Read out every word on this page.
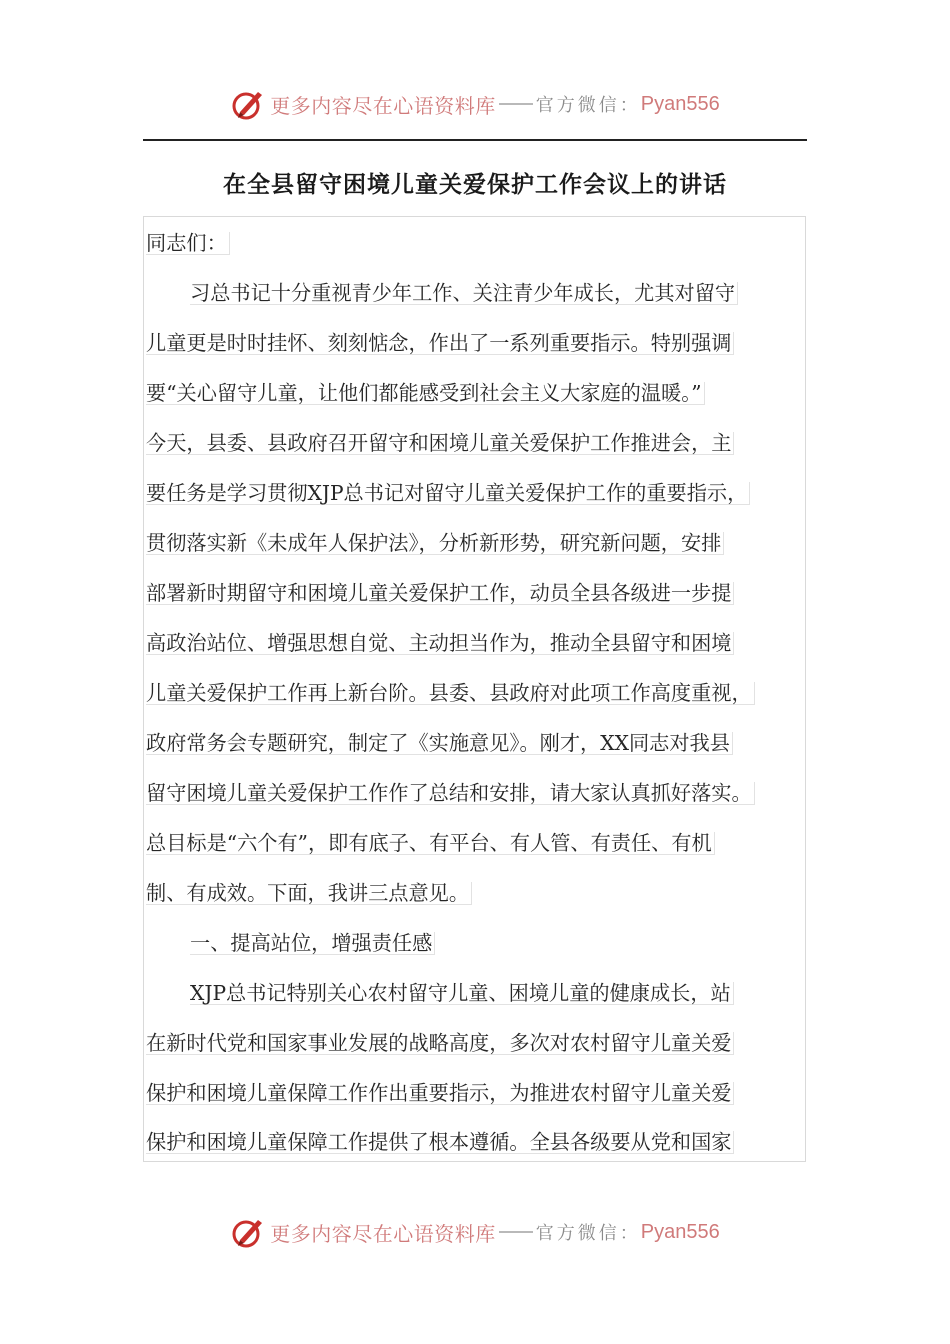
更多内容尽在心语资料库 官方微信： Pyan556
在全县留守困境儿童关爱保护工作会议上的讲话
同志们：
习总书记十分重视青少年工作、关注青少年成长，尤其对留守
儿童更是时时挂怀、刻刻惦念，作出了一系列重要指示。特别强调
要“关心留守儿童，让他们都能感受到社会主义大家庭的温暖。”
今天，县委、县政府召开留守和困境儿童关爱保护工作推进会，主
要任务是学习贯彻XJP总书记对留守儿童关爱保护工作的重要指示，
贯彻落实新《未成年人保护法》，分析新形势，研究新问题，安排
部署新时期留守和困境儿童关爱保护工作，动员全县各级进一步提
高政治站位、增强思想自觉、主动担当作为，推动全县留守和困境
儿童关爱保护工作再上新台阶。县委、县政府对此项工作高度重视，
政府常务会专题研究，制定了《实施意见》。刚才，XX同志对我县
留守困境儿童关爱保护工作作了总结和安排，请大家认真抓好落实。
总目标是“六个有”，即有底子、有平台、有人管、有责任、有机
制、有成效。下面，我讲三点意见。
一、提高站位，增强责任感
XJP总书记特别关心农村留守儿童、困境儿童的健康成长，站
在新时代党和国家事业发展的战略高度，多次对农村留守儿童关爱
保护和困境儿童保障工作作出重要指示，为推进农村留守儿童关爱
保护和困境儿童保障工作提供了根本遵循。全县各级要从党和国家
更多内容尽在心语资料库 官方微信： Pyan556
